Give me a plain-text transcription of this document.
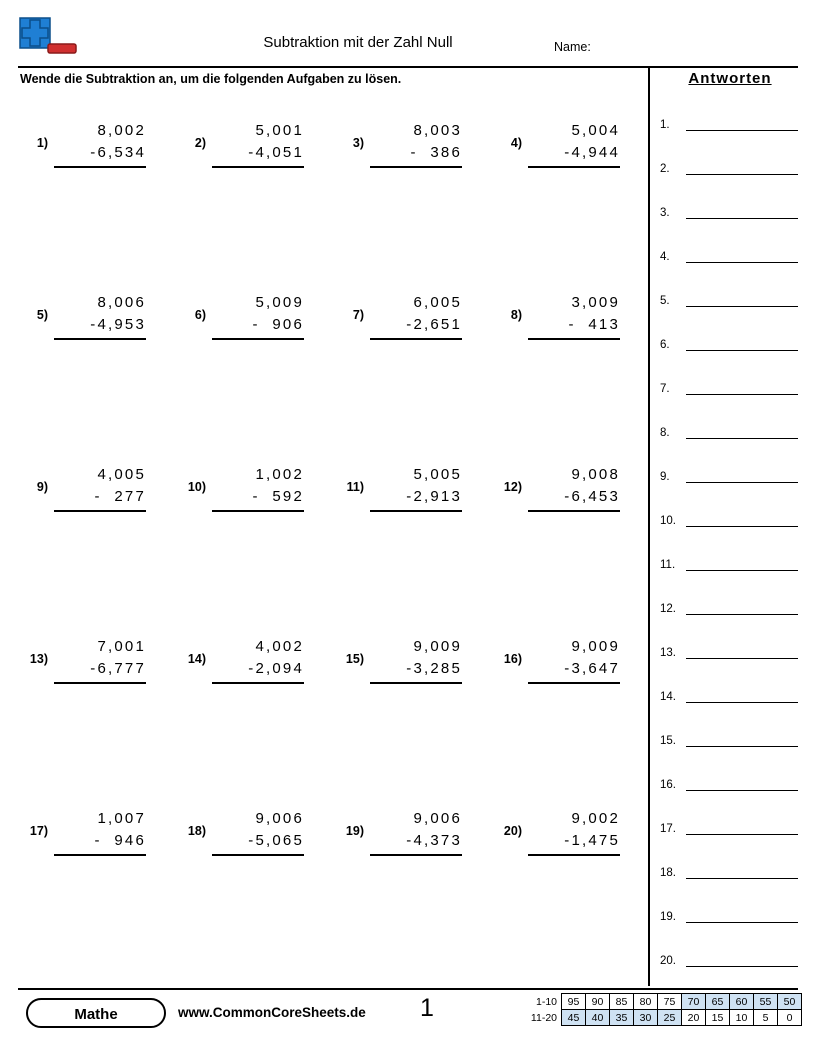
Subtraktion mit der Zahl Null	Name:
Wende die Subtraktion an, um die folgenden Aufgaben zu lösen.
1)
8,002
-6,534
2)
5,001
-4,051
3)
8,003
-  386
4)
5,004
-4,944
5)
8,006
-4,953
6)
5,009
-  906
7)
6,005
-2,651
8)
3,009
-  413
9)
4,005
-  277
10)
1,002
-  592
11)
5,005
-2,913
12)
9,008
-6,453
13)
7,001
-6,777
14)
4,002
-2,094
15)
9,009
-3,285
16)
9,009
-3,647
17)
1,007
-  946
18)
9,006
-5,065
19)
9,006
-4,373
20)
9,002
-1,475
Antworten
1.
2.
3.
4.
5.
6.
7.
8.
9.
10.
11.
12.
13.
14.
15.
16.
17.
18.
19.
20.
Mathe	www.CommonCoreSheets.de 1	1-10	95	90	85	80	75	70	65	60	55	50
11-20	45	40	35	30	25	20	15	10	5	0
